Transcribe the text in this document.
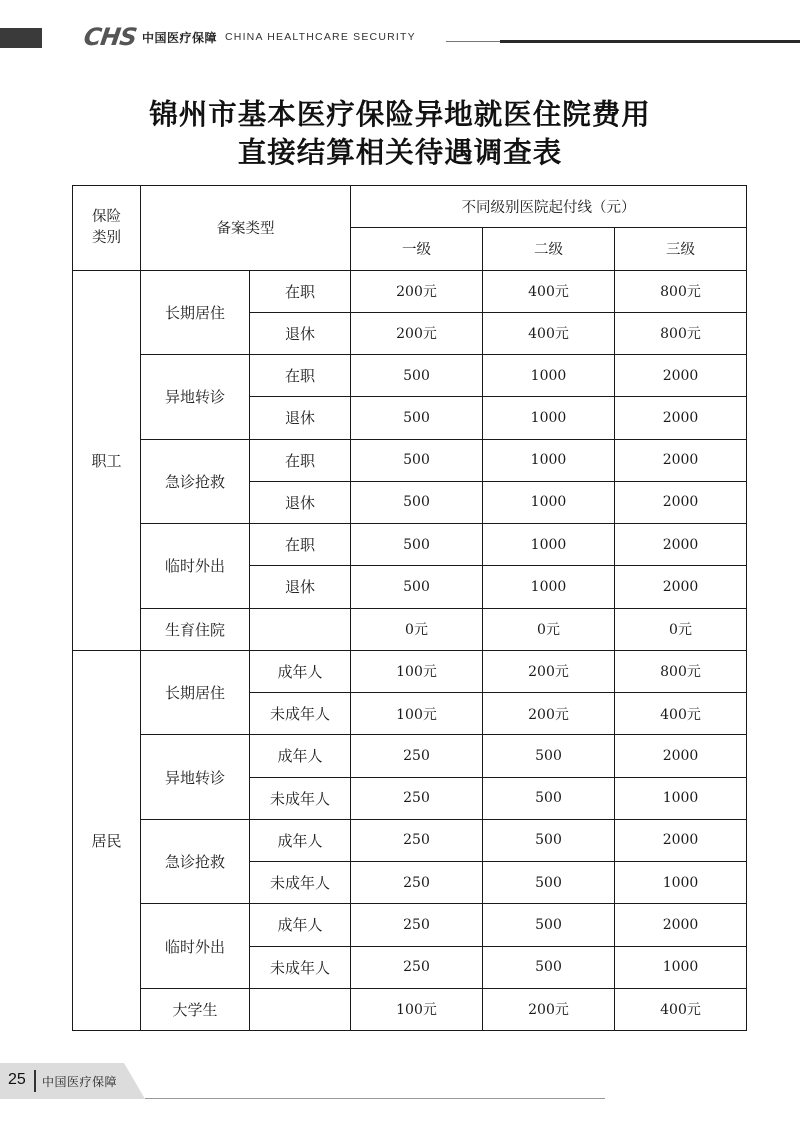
CHS 中国医疗保障 CHINA HEALTHCARE SECURITY
锦州市基本医疗保险异地就医住院费用
直接结算相关待遇调查表
保险类别	备案类型		不同级别医院起付线（元）		
			一级	二级	三级
职工	长期居住	在职	200元	400元	800元
		退休	200元	400元	800元
	异地转诊	在职	500	1000	2000
		退休	500	1000	2000
	急诊抢救	在职	500	1000	2000
		退休	500	1000	2000
	临时外出	在职	500	1000	2000
		退休	500	1000	2000
	生育住院		0元	0元	0元
居民	长期居住	成年人	100元	200元	800元
		未成年人	100元	200元	400元
	异地转诊	成年人	250	500	2000
		未成年人	250	500	1000
	急诊抢救	成年人	250	500	2000
		未成年人	250	500	1000
	临时外出	成年人	250	500	2000
		未成年人	250	500	1000
	大学生		100元	200元	400元
25 中国医疗保障
